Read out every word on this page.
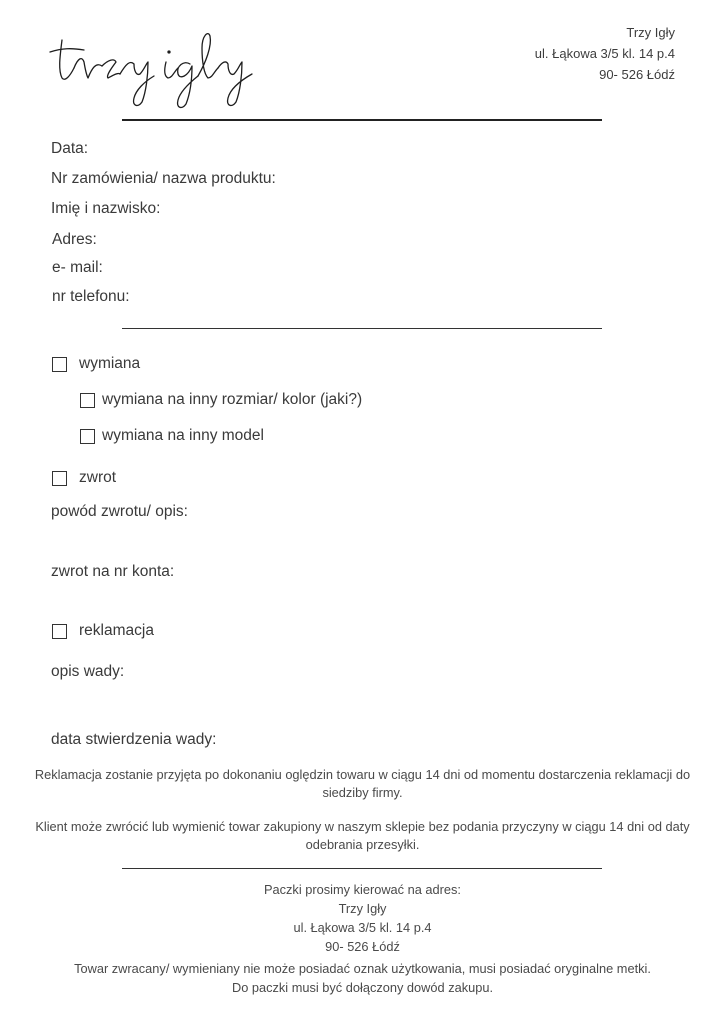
Trzy Igły
ul. Łąkowa 3/5 kl. 14 p.4
90- 526 Łódź
Data:
Nr zamówienia/ nazwa produktu:
Imię i nazwisko:
Adres:
e- mail:
nr telefonu:
wymiana
wymiana na inny rozmiar/ kolor (jaki?)
wymiana na inny model
zwrot
powód zwrotu/ opis:
zwrot na nr konta:
reklamacja
opis wady:
data stwierdzenia wady:
Reklamacja zostanie przyjęta po dokonaniu oględzin towaru w ciągu 14 dni od momentu dostarczenia reklamacji do siedziby firmy.
Klient może zwrócić lub wymienić towar zakupiony w naszym sklepie bez podania przyczyny w ciągu 14 dni od daty odebrania przesyłki.
Paczki prosimy kierować na adres:
Trzy Igły
ul. Łąkowa 3/5 kl. 14 p.4
90- 526 Łódź
Towar zwracany/ wymieniany nie może posiadać oznak użytkowania, musi posiadać oryginalne metki.
Do paczki musi być dołączony dowód zakupu.
